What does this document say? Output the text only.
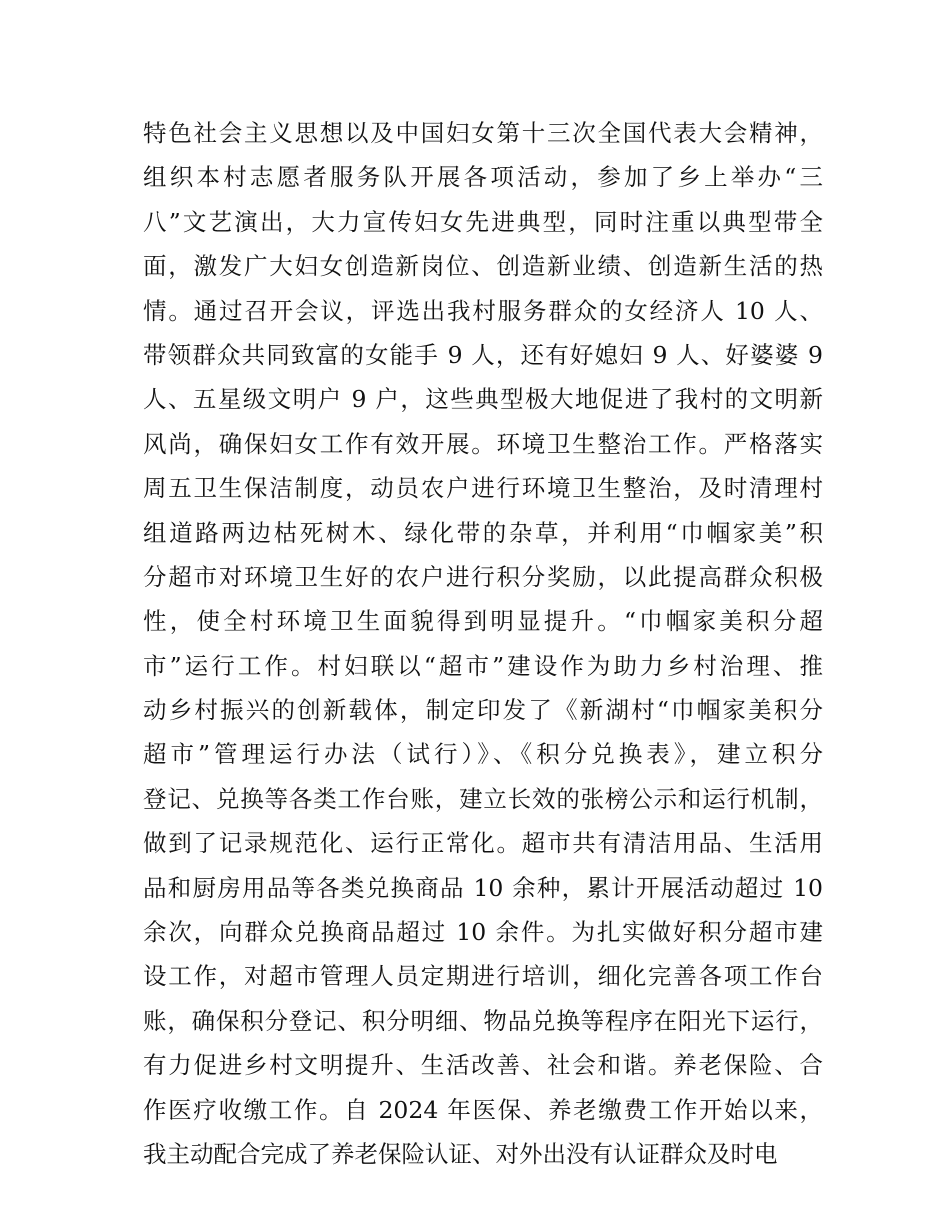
特色社会主义思想以及中国妇女第十三次全国代表大会精神，
组织本村志愿者服务队开展各项活动，参加了乡上举办“三
八”文艺演出，大力宣传妇女先进典型，同时注重以典型带全
面，激发广大妇女创造新岗位、创造新业绩、创造新生活的热
情。通过召开会议，评选出我村服务群众的女经济人 10 人、
带领群众共同致富的女能手 9 人，还有好媳妇 9 人、好婆婆 9
人、五星级文明户 9 户，这些典型极大地促进了我村的文明新
风尚，确保妇女工作有效开展。环境卫生整治工作。严格落实
周五卫生保洁制度，动员农户进行环境卫生整治，及时清理村
组道路两边枯死树木、绿化带的杂草，并利用“巾帼家美”积
分超市对环境卫生好的农户进行积分奖励，以此提高群众积极
性，使全村环境卫生面貌得到明显提升。“巾帼家美积分超
市”运行工作。村妇联以“超市”建设作为助力乡村治理、推
动乡村振兴的创新载体，制定印发了《新湖村“巾帼家美积分
超市”管理运行办法（试行）》、《积分兑换表》，建立积分
登记、兑换等各类工作台账，建立长效的张榜公示和运行机制，
做到了记录规范化、运行正常化。超市共有清洁用品、生活用
品和厨房用品等各类兑换商品 10 余种，累计开展活动超过 10
余次，向群众兑换商品超过 10 余件。为扎实做好积分超市建
设工作，对超市管理人员定期进行培训，细化完善各项工作台
账，确保积分登记、积分明细、物品兑换等程序在阳光下运行，
有力促进乡村文明提升、生活改善、社会和谐。养老保险、合
作医疗收缴工作。自 2024 年医保、养老缴费工作开始以来，
我主动配合完成了养老保险认证、对外出没有认证群众及时电
